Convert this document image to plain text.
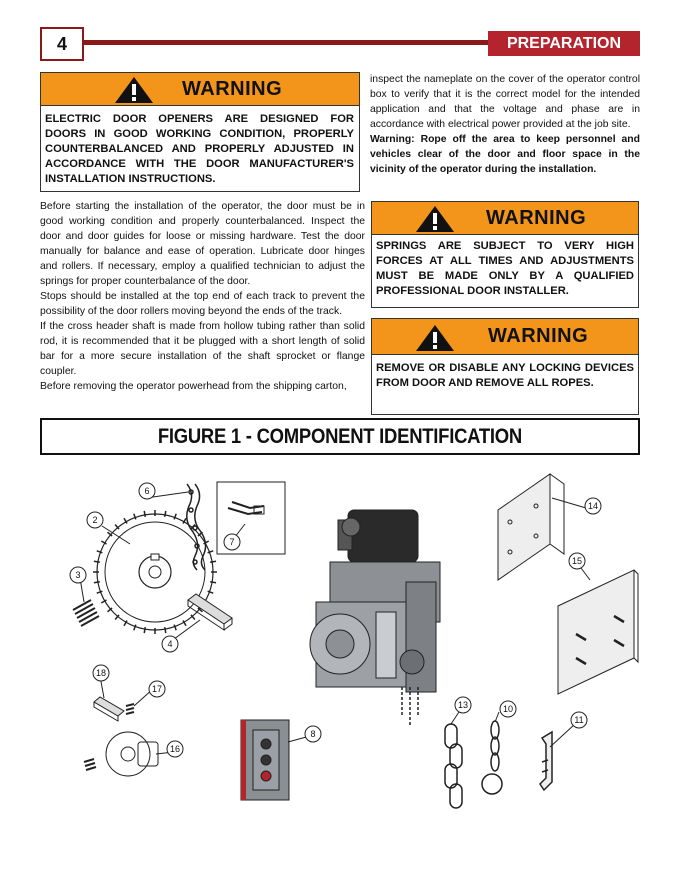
4	PREPARATION
WARNING
ELECTRIC DOOR OPENERS ARE DESIGNED FOR DOORS IN GOOD WORKING CONDITION, PROPERLY COUNTERBALANCED AND PROPERLY ADJUSTED IN ACCORDANCE WITH THE DOOR MANUFACTURER'S INSTALLATION INSTRUCTIONS.

inspect the nameplate on the cover of the operator control box to verify that it is the correct model for the intended application and that the voltage and phase are in accordance with electrical power provided at the job site.

Warning: Rope off the area to keep personnel and vehicles clear of the door and floor space in the vicinity of the operator during the installation.

Before starting the installation of the operator, the door must be in good working condition and properly counterbalanced. Inspect the door and door guides for loose or missing hardware. Test the door manually for balance and ease of operation. Lubricate door hinges and rollers. If necessary, employ a qualified technician to adjust the springs for proper counterbalance of the door.

Stops should be installed at the top end of each track to prevent the possibility of the door rollers moving beyond the ends of the track.

If the cross header shaft is made from hollow tubing rather than solid rod, it is recommended that it be plugged with a short length of solid bar for a more secure installation of the shaft sprocket or flange coupler.

Before removing the operator powerhead from the shipping carton,

WARNING
SPRINGS ARE SUBJECT TO VERY HIGH FORCES AT ALL TIMES AND ADJUSTMENTS MUST BE MADE ONLY BY A QUALIFIED PROFESSIONAL DOOR INSTALLER.
WARNING
REMOVE OR DISABLE ANY LOCKING DEVICES FROM DOOR AND REMOVE ALL ROPES.
FIGURE 1 - COMPONENT IDENTIFICATION
2
3
4
6
7
8
10
11
13
14
15
16
17
18
